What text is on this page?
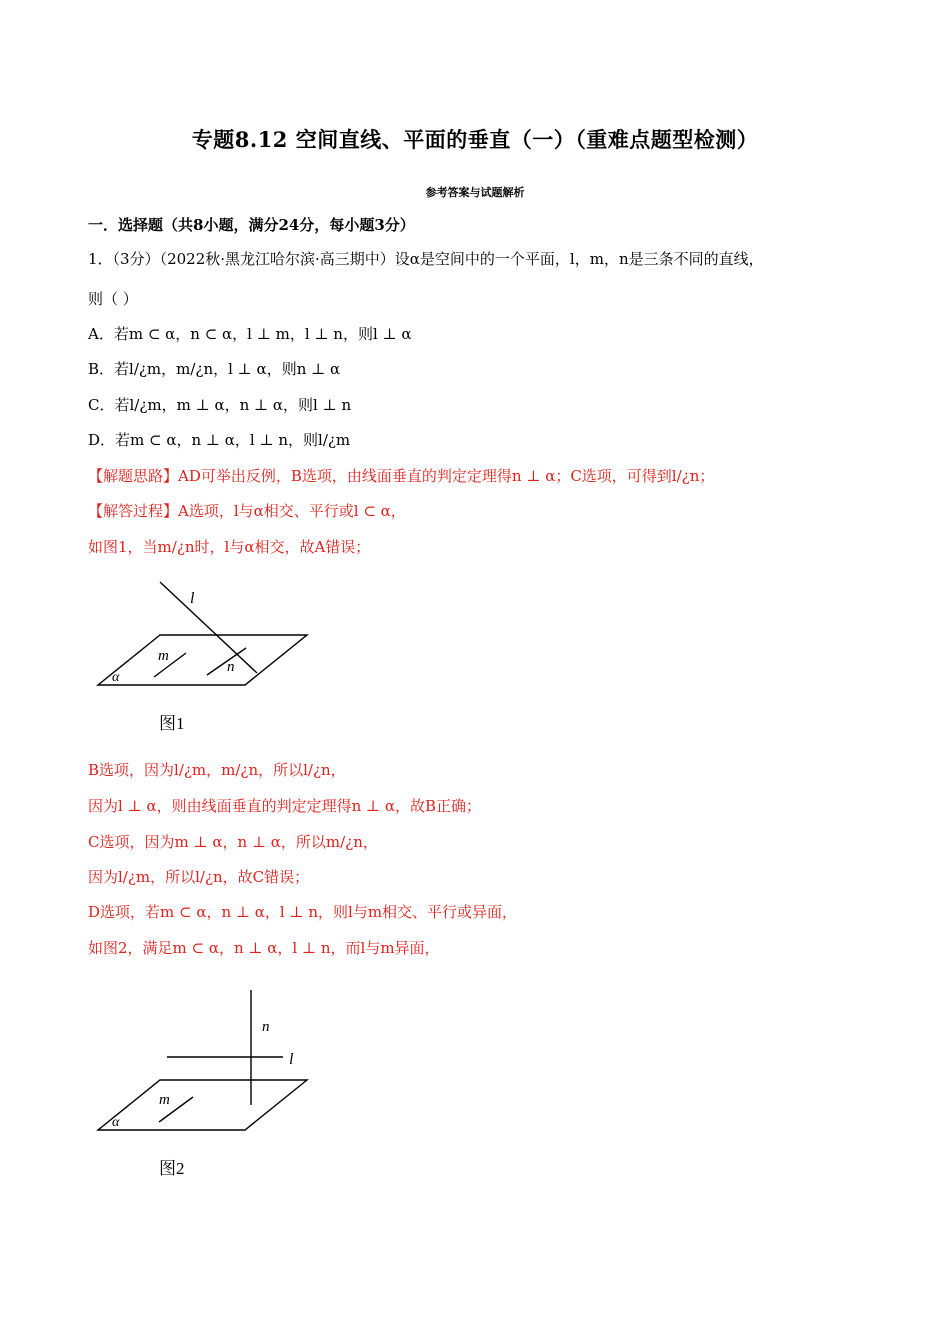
专题8.12 空间直线、平面的垂直（一）（重难点题型检测）
参考答案与试题解析
一．选择题（共8小题，满分24分，每小题3分）
1．（3分）（2022秋·黑龙江哈尔滨·高三期中）设α是空间中的一个平面，l，m，n是三条不同的直线，
则（ ）
A．若m ⊂ α，n ⊂ α，l ⊥ m，l ⊥ n，则l ⊥ α
B．若l/¿m，m/¿n，l ⊥ α，则n ⊥ α
C．若l/¿m，m ⊥ α，n ⊥ α，则l ⊥ n
D．若m ⊂ α，n ⊥ α，l ⊥ n，则l/¿m
【解题思路】AD可举出反例，B选项，由线面垂直的判定定理得n ⊥ α；C选项，可得到l/¿n；
【解答过程】A选项，l与α相交、平行或l ⊂ α，
如图1，当m/¿n时，l与α相交，故A错误；
l
m
n
α
图1
B选项，因为l/¿m，m/¿n，所以l/¿n，
因为l ⊥ α，则由线面垂直的判定定理得n ⊥ α，故B正确；
C选项，因为m ⊥ α，n ⊥ α，所以m/¿n，
因为l/¿m，所以l/¿n，故C错误；
D选项，若m ⊂ α，n ⊥ α，l ⊥ n，则l与m相交、平行或异面，
如图2，满足m ⊂ α，n ⊥ α，l ⊥ n，而l与m异面，
n
l
m
α
图2
